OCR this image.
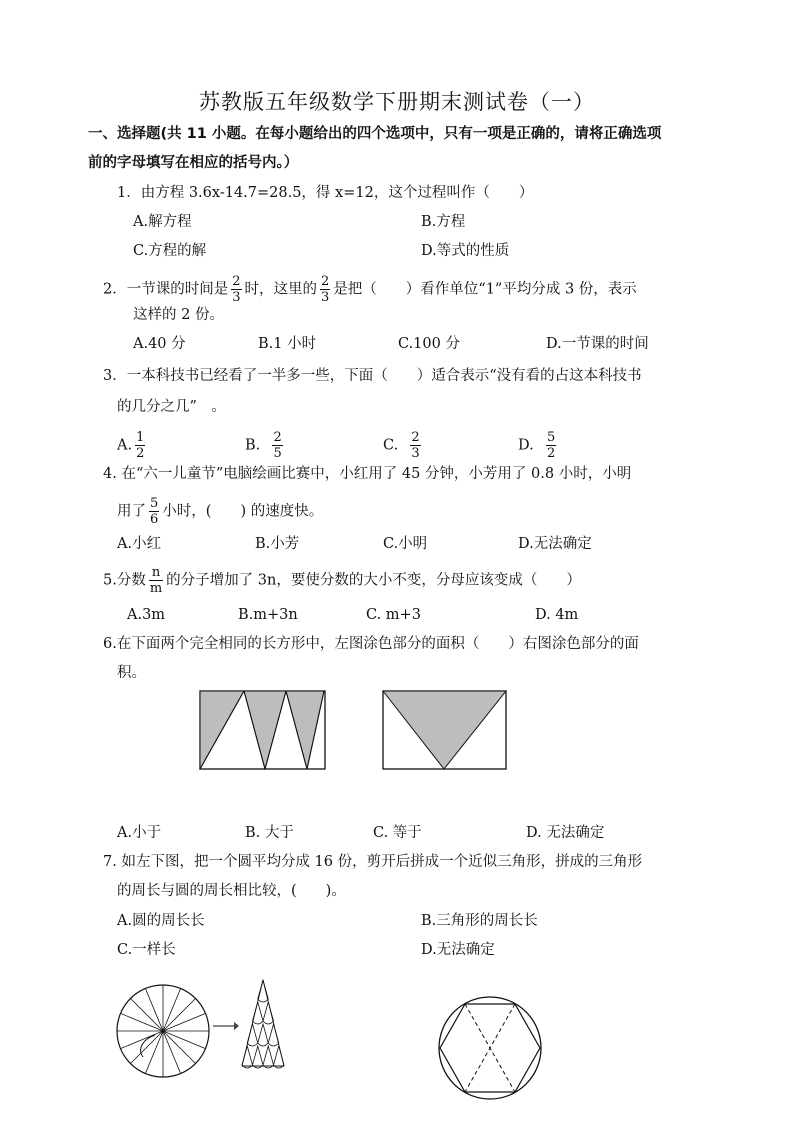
苏教版五年级数学下册期末测试卷（一）
一、选择题(共 11 小题。在每小题给出的四个选项中，只有一项是正确的，请将正确选项
前的字母填写在相应的括号内。）
1．由方程 3.6x-14.7=28.5，得 x=12，这个过程叫作（　　）
A.解方程	B.方程
C.方程的解	D.等式的性质
2．一节课的时间是 $\frac{2}{3}$ 时，这里的 $\frac{2}{3}$ 是把（　　）看作单位“1”平均分成 3 份，表示
这样的 2 份。
A.40 分	B.1 小时	C.100 分	D.一节课的时间
3．一本科技书已经看了一半多一些，下面（　　）适合表示“没有看的占这本科技书
的几分之几”　。
A. $\frac{1}{2}$	B. $\frac{2}{5}$	C. $\frac{2}{3}$	D. $\frac{5}{2}$
4. 在“六一儿童节”电脑绘画比赛中，小红用了 45 分钟，小芳用了 0.8 小时，小明
用了 $\frac{5}{6}$ 小时，(　　) 的速度快。
A.小红	B.小芳	C.小明	D.无法确定
5.分数 $\frac{n}{m}$ 的分子增加了 3n，要使分数的大小不变，分母应该变成（　　）
A.3m	B.m+3n	C. m+3	D. 4m
6.在下面两个完全相同的长方形中，左图涂色部分的面积（　　）右图涂色部分的面
积。
A.小于	B. 大于	C. 等于	D. 无法确定
7. 如左下图，把一个圆平均分成 16 份，剪开后拼成一个近似三角形，拼成的三角形
的周长与圆的周长相比较，(　　)。
A.圆的周长长	B.三角形的周长长
C.一样长	D.无法确定
